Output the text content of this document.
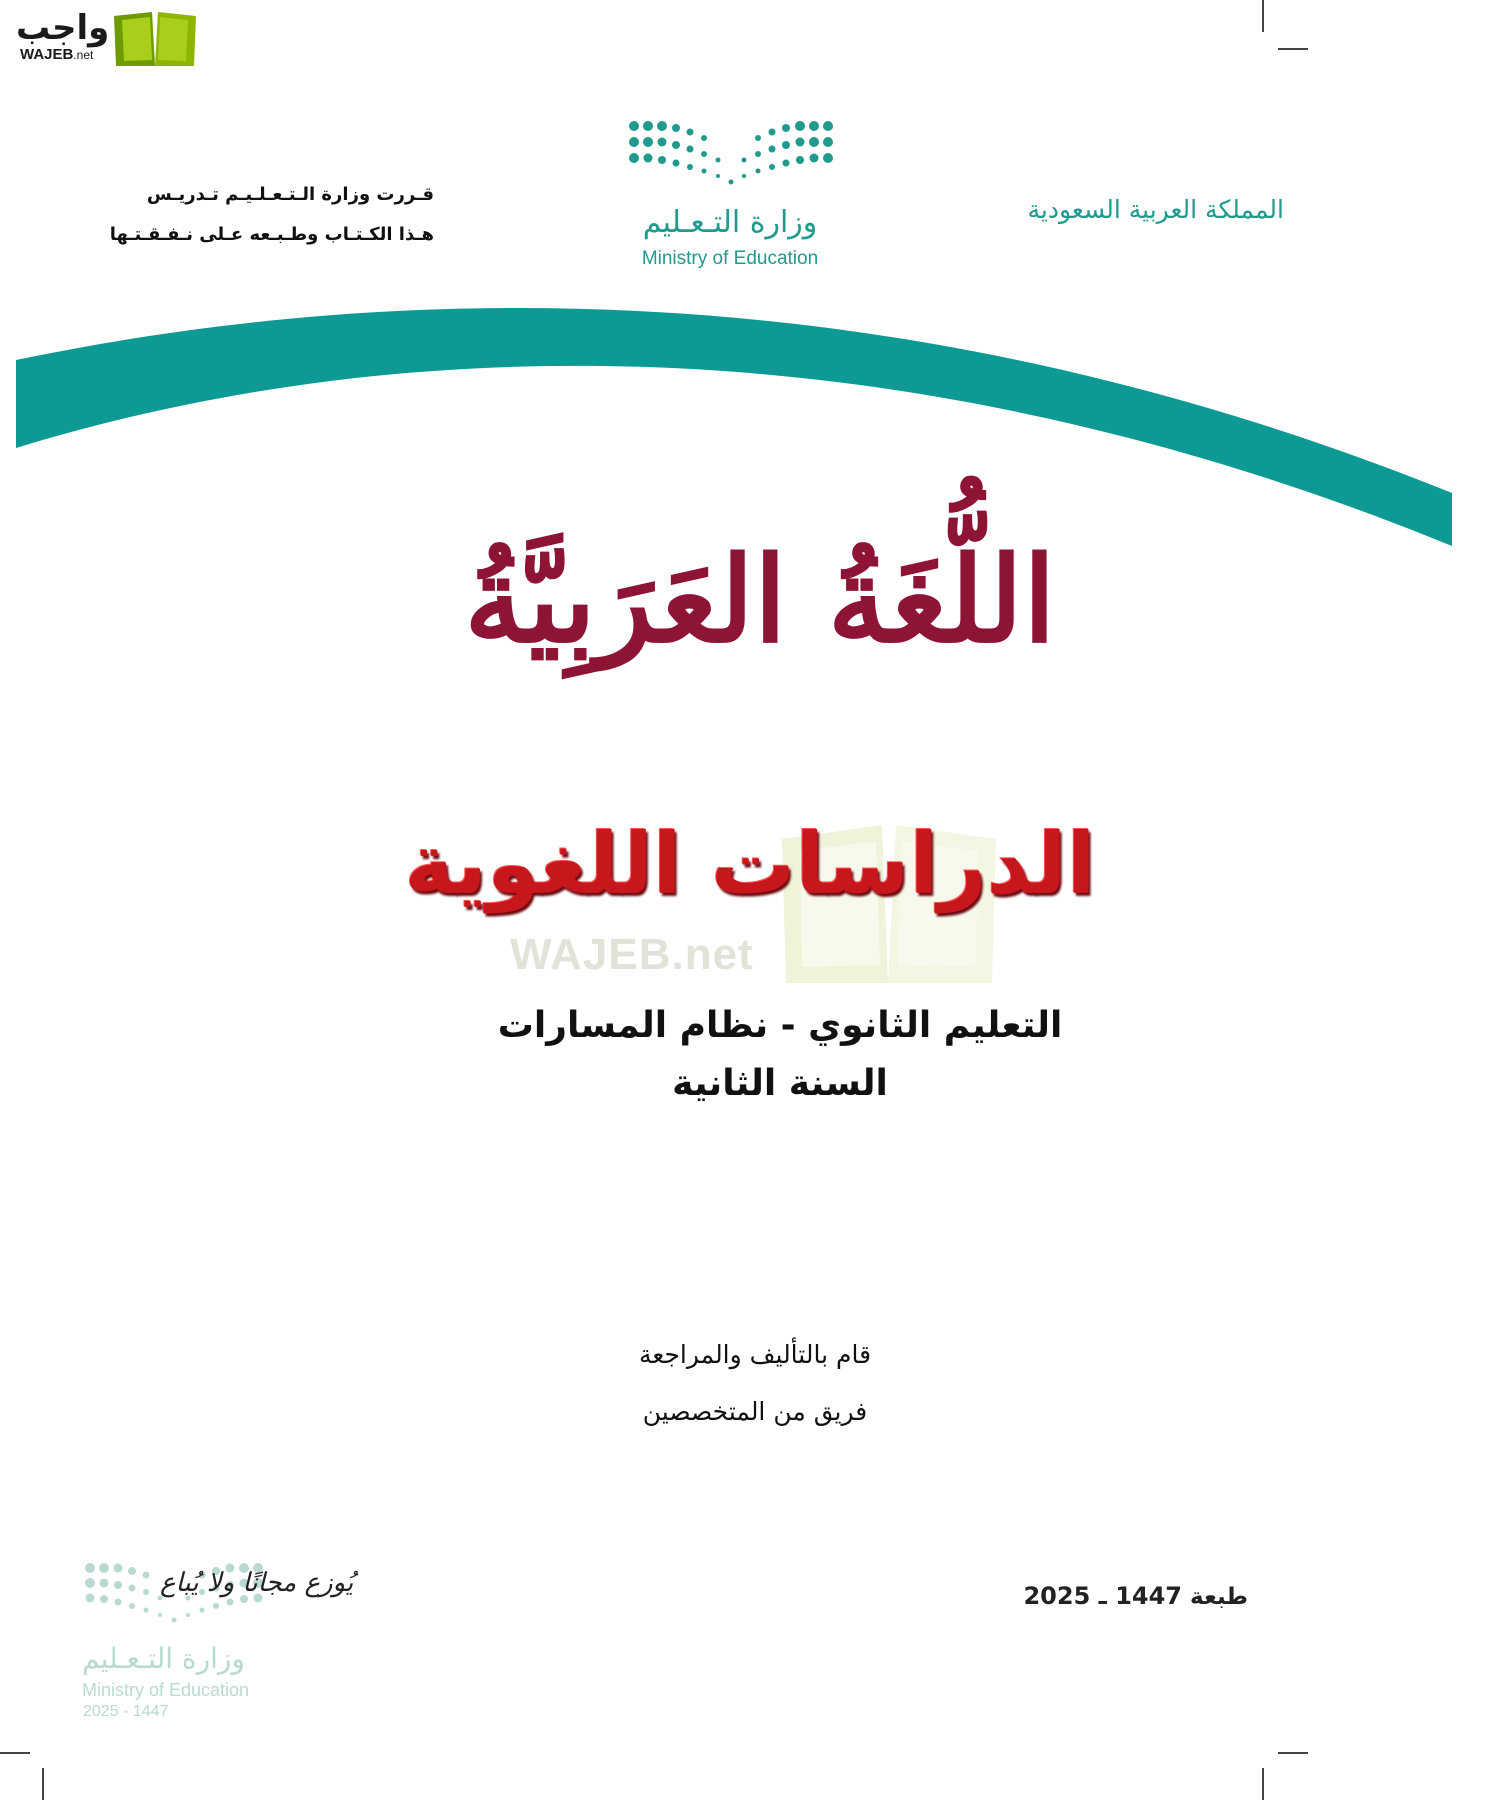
واجب
WAJEB.net
قـررت وزارة الـتـعـلـيـم تـدريـس
هـذا الكـتـاب وطـبـعه عـلى نـفـقـتـها	وزارة التـعـليم
Ministry of Education
المملكة العربية السعودية
اللُّغَةُ العَرَبِيَّةُ
الدراسات اللغوية
WAJEB.net
التعليم الثانوي - نظام المسارات
السنة الثانية
قام بالتأليف والمراجعة
فريق من المتخصصين
طبعة 1447 ـ 2025
يُوزع مجانًا ولا يُباع
وزارة التـعـليم
Ministry of Education
2025 - 1447
